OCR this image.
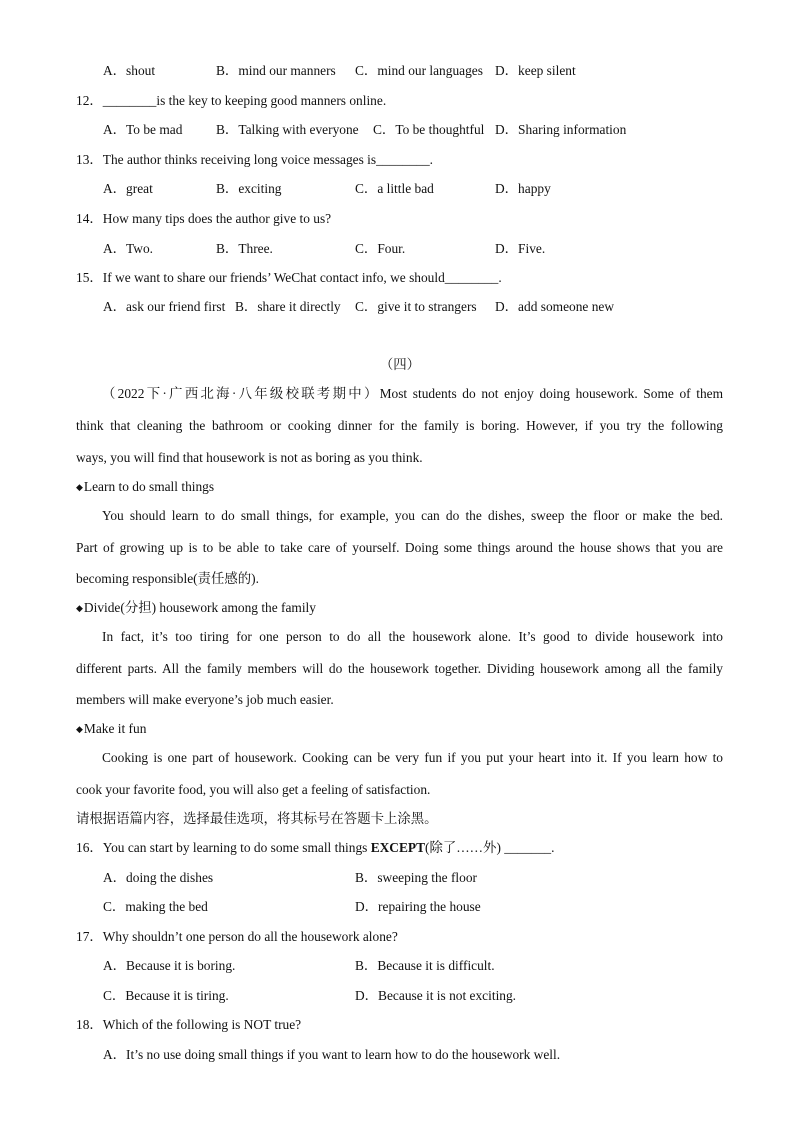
A．shout	B．mind our manners C．mind our languages D．keep silent
12．________is the key to keeping good manners online.
A．To be mad	B．Talking with everyone C．To be thoughtful D．Sharing information
13．The author thinks receiving long voice messages is________.
A．great	B．exciting	C．a little bad	D．happy
14．How many tips does the author give to us?
A．Two.	B．Three.	C．Four.	D．Five.
15．If we want to share our friends’ WeChat contact info, we should________.
A．ask our friend first B．share it directly C．give it to strangers D．add someone new
（四）
（2022下·广西北海·八年级校联考期中）Most students do not enjoy doing housework. Some of them
think that cleaning the bathroom or cooking dinner for the family is boring. However, if you try the following
ways, you will find that housework is not as boring as you think.
◆Learn to do small things
You should learn to do small things, for example, you can do the dishes, sweep the floor or make the bed.
Part of growing up is to be able to take care of yourself. Doing some things around the house shows that you are
becoming responsible(责任感的).
◆Divide(分担) housework among the family
In fact, it’s too tiring for one person to do all the housework alone. It’s good to divide housework into
different parts. All the family members will do the housework together. Dividing housework among all the family
members will make everyone’s job much easier.
◆Make it fun
Cooking is one part of housework. Cooking can be very fun if you put your heart into it. If you learn how to
cook your favorite food, you will also get a feeling of satisfaction.
请根据语篇内容，选择最佳选项，将其标号在答题卡上涂黑。
16．You can start by learning to do some small things EXCEPT(除了……外) _______.
A．doing the dishes	B．sweeping the floor
C．making the bed	D．repairing the house
17．Why shouldn’t one person do all the housework alone?
A．Because it is boring.	B．Because it is difficult.
C．Because it is tiring.	D．Because it is not exciting.
18．Which of the following is NOT true?
A．It’s no use doing small things if you want to learn how to do the housework well.
